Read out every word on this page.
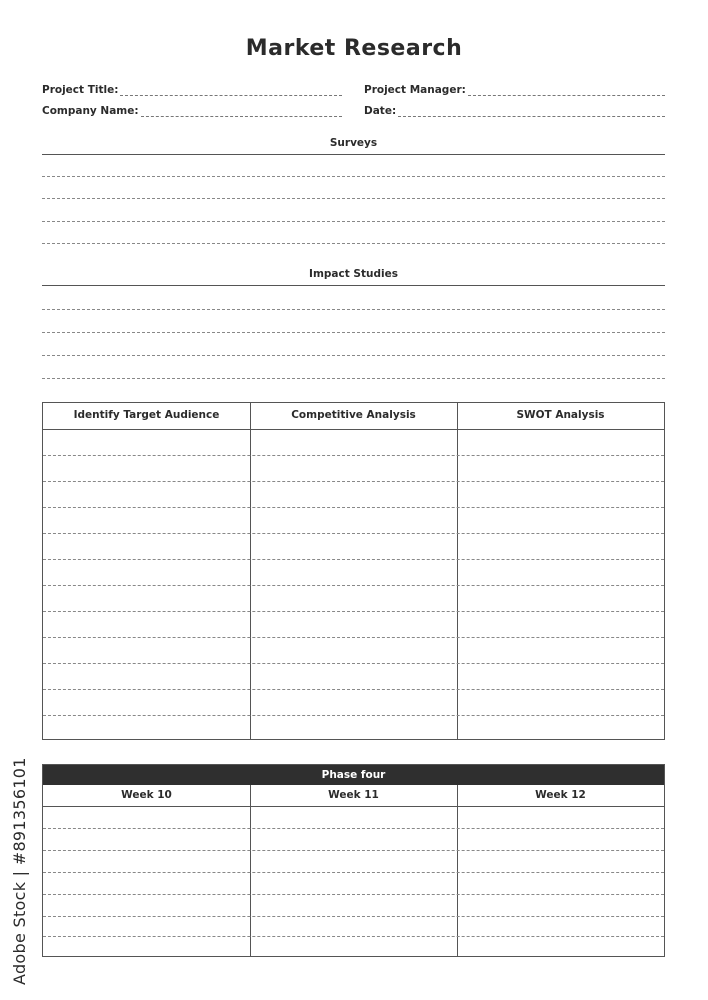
Market Research
Project Title:
Company Name:
Project Manager:
Date:
Surveys
Impact Studies
Identify Target Audience	Competitive Analysis	SWOT Analysis
Phase four
Week 10	Week 11	Week 12
Adobe Stock | #891356101
